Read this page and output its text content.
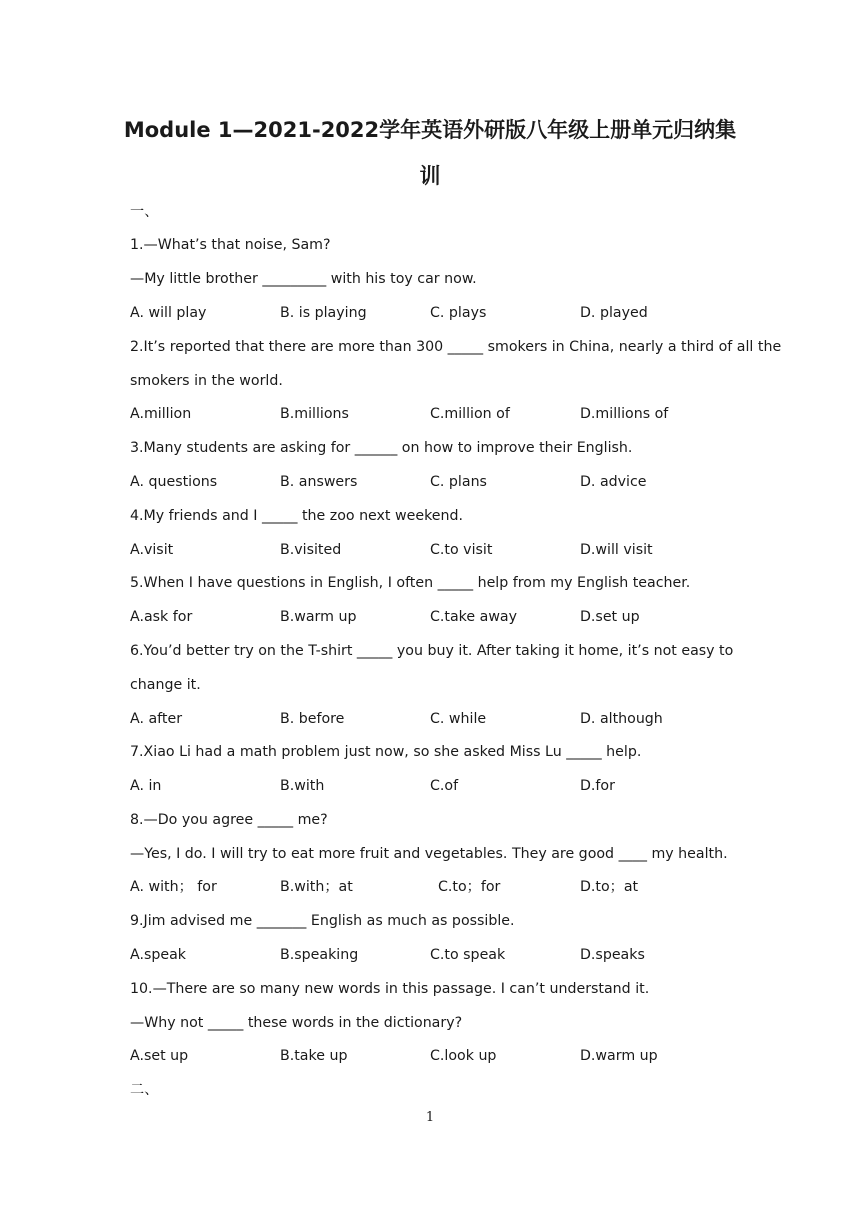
Module 1—2021-2022学年英语外研版八年级上册单元归纳集
训
一、
1.—What’s that noise, Sam?
—My little brother _________ with his toy car now.
A. will play	B. is playing	C. plays	D. played
2.It’s reported that there are more than 300 _____ smokers in China, nearly a third of all the
smokers in the world.
A.million	B.millions	C.million of	D.millions of
3.Many students are asking for ______ on how to improve their English.
A. questions	B. answers	C. plans	D. advice
4.My friends and I _____ the zoo next weekend.
A.visit	B.visited	C.to visit	D.will visit
5.When I have questions in English, I often _____ help from my English teacher.
A.ask for	B.warm up	C.take away	D.set up
6.You’d better try on the T-shirt _____ you buy it. After taking it home, it’s not easy to
change it.
A. after	B. before	C. while	D. although
7.Xiao Li had a math problem just now, so she asked Miss Lu _____ help.
A. in	B.with	C.of	D.for
8.—Do you agree _____ me?
—Yes, I do. I will try to eat more fruit and vegetables. They are good ____ my health.
A. with； for	B.with；at	C.to；for	D.to；at
9.Jim advised me _______ English as much as possible.
A.speak	B.speaking	C.to speak	D.speaks
10.—There are so many new words in this passage. I can’t understand it.
—Why not _____ these words in the dictionary?
A.set up	B.take up	C.look up	D.warm up
二、
1
